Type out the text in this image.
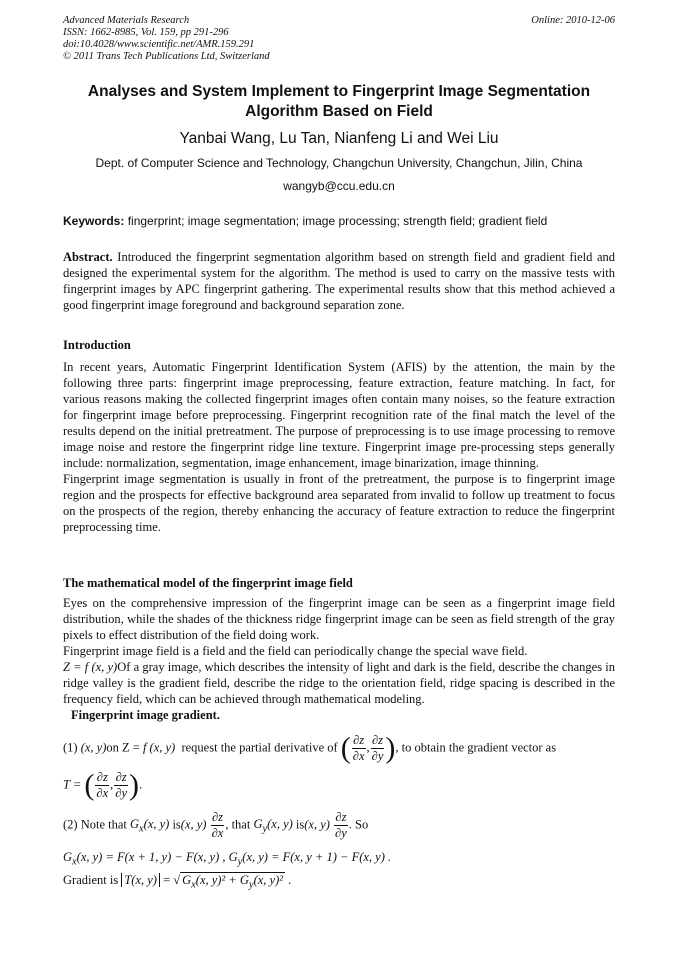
Advanced Materials Research
ISSN: 1662-8985, Vol. 159, pp 291-296
doi:10.4028/www.scientific.net/AMR.159.291
© 2011 Trans Tech Publications Ltd, Switzerland
Online: 2010-12-06
Analyses and System Implement to Fingerprint Image Segmentation
Algorithm Based on Field
Yanbai Wang, Lu Tan, Nianfeng Li and Wei Liu
Dept. of Computer Science and Technology, Changchun University, Changchun, Jilin, China
wangyb@ccu.edu.cn
Keywords: fingerprint; image segmentation; image processing; strength field; gradient field

Abstract. Introduced the fingerprint segmentation algorithm based on strength field and gradient field and designed the experimental system for the algorithm. The method is used to carry on the massive tests with fingerprint images by APC fingerprint gathering. The experimental results show that this method achieved a good fingerprint image foreground and background separation zone.

Introduction

In recent years, Automatic Fingerprint Identification System (AFIS) by the attention, the main by the following three parts: fingerprint image preprocessing, feature extraction, feature matching. In fact, for various reasons making the collected fingerprint images often contain many noises, so the feature extraction for fingerprint image before preprocessing. Fingerprint recognition rate of the final match the level of the results depend on the initial pretreatment. The purpose of preprocessing is to use image processing to remove image noise and restore the fingerprint ridge line texture. Fingerprint image pre-processing steps generally include: normalization, segmentation, image enhancement, image binarization, image thinning.

Fingerprint image segmentation is usually in front of the pretreatment, the purpose is to fingerprint image region and the prospects for effective background area separated from invalid to follow up treatment to focus on the prospects of the region, thereby enhancing the accuracy of feature extraction to reduce the fingerprint preprocessing time.

The mathematical model of the fingerprint image field

Eyes on the comprehensive impression of the fingerprint image can be seen as a fingerprint image field distribution, while the shades of the thickness ridge fingerprint image can be seen as field strength of the gray pixels to effect distribution of the field doing work.

Fingerprint image field is a field and the field can periodically change the special wave field.

Z = f (x, y)Of a gray image, which describes the intensity of light and dark is the field, describe the changes in ridge valley is the gradient field, describe the ridge to the orientation field, ridge spacing is described in the frequency field, which can be achieved through mathematical modeling.

Fingerprint image gradient.
(1) (x, y)on Z = f (x, y) request the partial derivative of ( $\frac{\partial z}{\partial x}$ , $\frac{\partial z}{\partial y}$ ), to obtain the gradient vector as
T = ( $\frac{\partial z}{\partial x}$ , $\frac{\partial z}{\partial y}$ ).
(2) Note that $G_x(x$, y) is(x, $y) \frac{\partial z}{\partial x}$ , that $G_y(x$, y) is(x, $y) \frac{\partial z}{\partial y}$ . So
$G_x(x$, y) = F(x + 1, y) − F(x, y) , $G_y(x$, y) = F(x, y + 1) − F(x, y) .
Gradient is T(x, y) = √ $G_x(x$, $y)^2 + G_y(x$, y)² .
